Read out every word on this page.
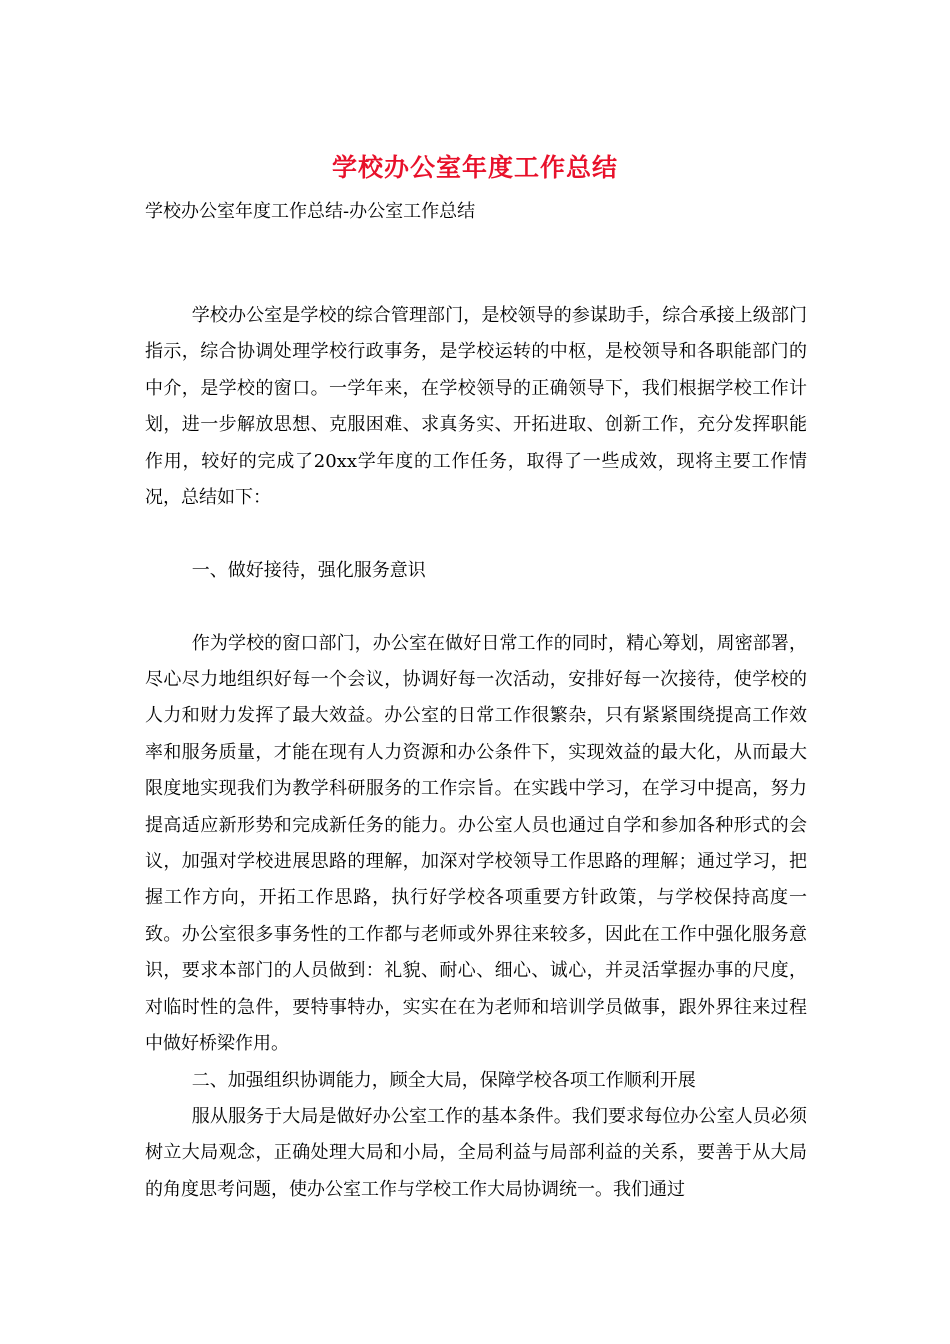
学校办公室年度工作总结
学校办公室年度工作总结-办公室工作总结

学校办公室是学校的综合管理部门，是校领导的参谋助手，综合承接上级部门指示，综合协调处理学校行政事务，是学校运转的中枢，是校领导和各职能部门的中介，是学校的窗口。一学年来，在学校领导的正确领导下，我们根据学校工作计划，进一步解放思想、克服困难、求真务实、开拓进取、创新工作，充分发挥职能作用，较好的完成了20xx学年度的工作任务，取得了一些成效，现将主要工作情况，总结如下：

一、做好接待，强化服务意识

作为学校的窗口部门，办公室在做好日常工作的同时，精心筹划，周密部署，尽心尽力地组织好每一个会议，协调好每一次活动，安排好每一次接待，使学校的人力和财力发挥了最大效益。办公室的日常工作很繁杂，只有紧紧围绕提高工作效率和服务质量，才能在现有人力资源和办公条件下，实现效益的最大化，从而最大限度地实现我们为教学科研服务的工作宗旨。在实践中学习，在学习中提高，努力提高适应新形势和完成新任务的能力。办公室人员也通过自学和参加各种形式的会议，加强对学校进展思路的理解，加深对学校领导工作思路的理解；通过学习，把握工作方向，开拓工作思路，执行好学校各项重要方针政策，与学校保持高度一致。办公室很多事务性的工作都与老师或外界往来较多，因此在工作中强化服务意识，要求本部门的人员做到：礼貌、耐心、细心、诚心，并灵活掌握办事的尺度，对临时性的急件，要特事特办，实实在在为老师和培训学员做事，跟外界往来过程中做好桥梁作用。

二、加强组织协调能力，顾全大局，保障学校各项工作顺利开展

服从服务于大局是做好办公室工作的基本条件。我们要求每位办公室人员必须树立大局观念，正确处理大局和小局，全局利益与局部利益的关系，要善于从大局的角度思考问题，使办公室工作与学校工作大局协调统一。我们通过
